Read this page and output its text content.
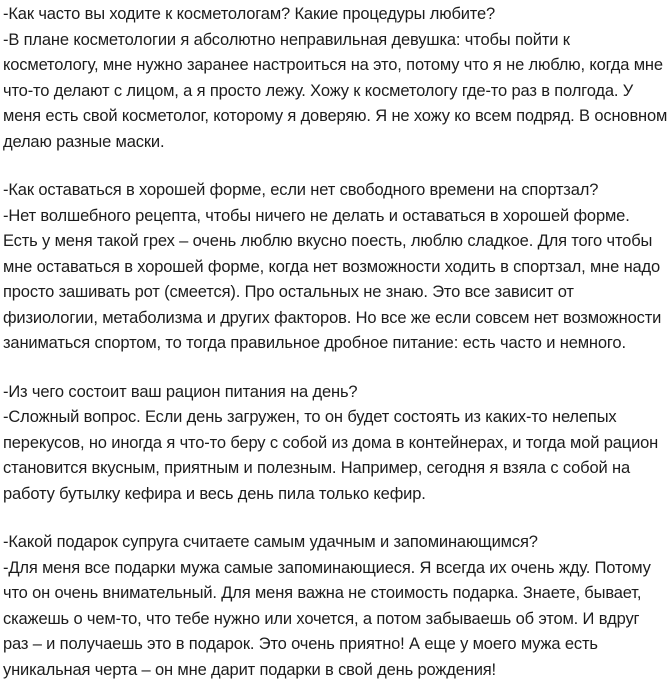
-Как часто вы ходите к косметологам? Какие процедуры любите?
-В плане косметологии я абсолютно неправильная девушка: чтобы пойти к косметологу, мне нужно заранее настроиться на это, потому что я не люблю, когда мне что-то делают с лицом, а я просто лежу. Хожу к косметологу где-то раз в полгода. У меня есть свой косметолог, которому я доверяю. Я не хожу ко всем подряд. В основном делаю разные маски.
-Как оставаться в хорошей форме, если нет свободного времени на спортзал?
-Нет волшебного рецепта, чтобы ничего не делать и оставаться в хорошей форме. Есть у меня такой грех – очень люблю вкусно поесть, люблю сладкое. Для того чтобы мне оставаться в хорошей форме, когда нет возможности ходить в спортзал, мне надо просто зашивать рот (смеется). Про остальных не знаю. Это все зависит от физиологии, метаболизма и других факторов. Но все же если совсем нет возможности заниматься спортом, то тогда правильное дробное питание: есть часто и немного.
-Из чего состоит ваш рацион питания на день?
-Сложный вопрос. Если день загружен, то он будет состоять из каких-то нелепых перекусов, но иногда я что-то беру с собой из дома в контейнерах, и тогда мой рацион становится вкусным, приятным и полезным. Например, сегодня я взяла с собой на работу бутылку кефира и весь день пила только кефир.
-Какой подарок супруга считаете самым удачным и запоминающимся?
-Для меня все подарки мужа самые запоминающиеся. Я всегда их очень жду. Потому что он очень внимательный. Для меня важна не стоимость подарка. Знаете, бывает, скажешь о чем-то, что тебе нужно или хочется, а потом забываешь об этом. И вдруг раз – и получаешь это в подарок. Это очень приятно! А еще у моего мужа есть уникальная черта – он мне дарит подарки в свой день рождения!
